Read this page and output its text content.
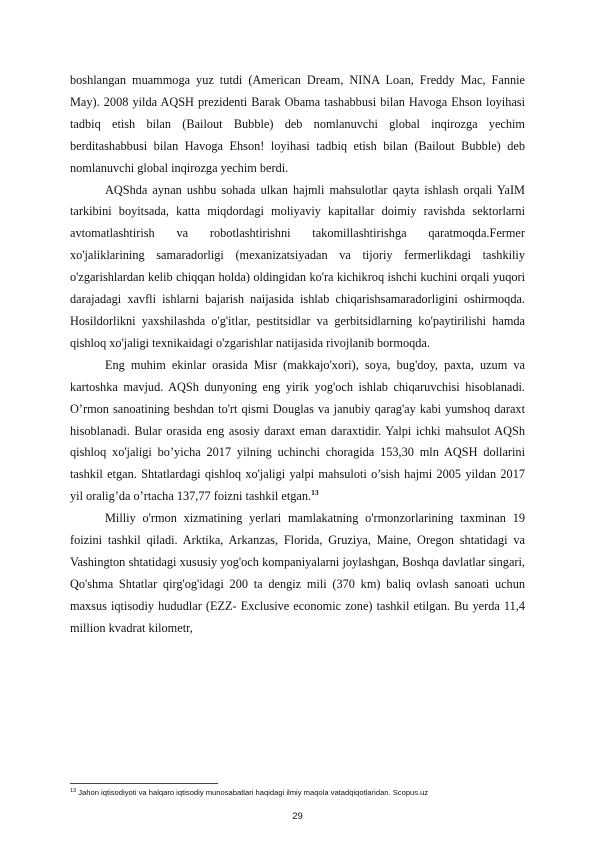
boshlangan muammoga yuz tutdi (American Dream, NINA Loan, Freddy Mac, Fannie May). 2008 yilda AQSH prezidenti Barak Obama tashabbusi bilan Havoga Ehson loyihasi tadbiq etish bilan (Bailout Bubble) deb nomlanuvchi global inqirozga yechim berditashabbusi bilan Havoga Ehson! loyihasi tadbiq etish bilan (Bailout Bubble) deb nomlanuvchi global inqirozga yechim berdi.

AQShda aynan ushbu sohada ulkan hajmli mahsulotlar qayta ishlash orqali YaIM tarkibini boyitsada, katta miqdordagi moliyaviy kapitallar doimiy ravishda sektorlarni avtomatlashtirish va robotlashtirishni takomillashtirishga qaratmoqda.Fermer xo'jaliklarining samaradorligi (mexanizatsiyadan va tijoriy fermerlikdagi tashkiliy o'zgarishlardan kelib chiqqan holda) oldingidan ko'ra kichikroq ishchi kuchini orqali yuqori darajadagi xavfli ishlarni bajarish naijasida ishlab chiqarishsamaradorligini oshirmoqda. Hosildorlikni yaxshilashda o'g'itlar, pestitsidlar va gerbitsidlarning ko'paytirilishi hamda qishloq xo'jaligi texnikaidagi o'zgarishlar natijasida rivojlanib bormoqda.

Eng muhim ekinlar orasida Misr (makkajo'xori), soya, bug'doy, paxta, uzum va kartoshka mavjud. AQSh dunyoning eng yirik yog'och ishlab chiqaruvchisi hisoblanadi. O’rmon sanoatining beshdan to'rt qismi Douglas va janubiy qarag'ay kabi yumshoq daraxt hisoblanadi. Bular orasida eng asosiy daraxt eman daraxtidir. Yalpi ichki mahsulot AQSh qishloq xo'jaligi bo’yicha 2017 yilning uchinchi choragida 153,30 mln AQSH dollarini tashkil etgan. Shtatlardagi qishloq xo'jaligi yalpi mahsuloti o’sish hajmi 2005 yildan 2017 yil oralig’da o’rtacha 137,77 foizni tashkil etgan.$^{13}$

Milliy o'rmon xizmatining yerlari mamlakatning o'rmonzorlarining taxminan 19 foizini tashkil qiladi. Arktika, Arkanzas, Florida, Gruziya, Maine, Oregon shtatidagi va Vashington shtatidagi xususiy yog'och kompaniyalarni joylashgan, Boshqa davlatlar singari, Qo'shma Shtatlar qirg'og'idagi 200 ta dengiz mili (370 km) baliq ovlash sanoati uchun maxsus iqtisodiy hududlar (EZZ- Exclusive economic zone) tashkil etilgan. Bu yerda 11,4 million kvadrat kilometr,

$^{13}$ Jahon iqtisodiyoti va halqaro iqtisodiy munosabatlari haqidagi ilmiy maqola vatadqiqotlaridan. Scopus.uz
29
